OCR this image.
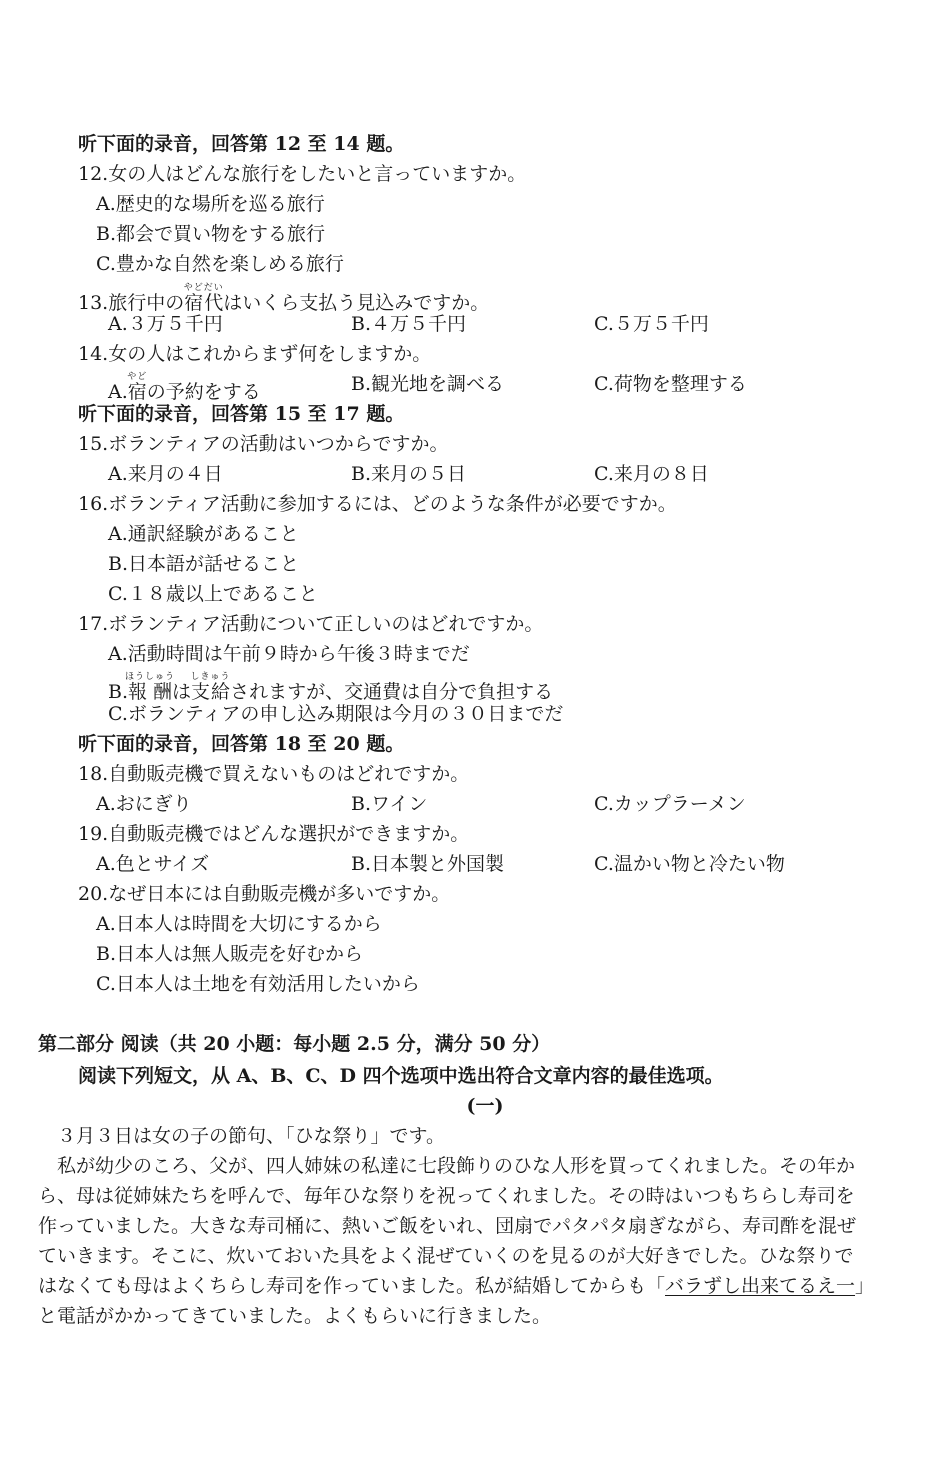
听下面的录音，回答第 12 至 14 题。
12.女の人はどんな旅行をしたいと言っていますか。
A.歴史的な場所を巡る旅行
B.都会で買い物をする旅行
C.豊かな自然を楽しめる旅行
13.旅行中の宿代やどだいはいくら支払う見込みですか。
A.３万５千円	B.４万５千円	C.５万５千円
14.女の人はこれからまず何をしますか。
A.宿やどの予約をする	B.観光地を調べる	C.荷物を整理する
听下面的录音，回答第 15 至 17 题。
15.ボランティアの活動はいつからですか。
A.来月の４日	B.来月の５日	C.来月の８日
16.ボランティア活動に参加するには、どのような条件が必要ですか。
A.通訳経験があること
B.日本語が話せること
C.１８歳以上であること
17.ボランティア活動について正しいのはどれですか。
A.活動時間は午前９時から午後３時までだ
B.報酬ほうしゅうは支給しきゅうされますが、交通費は自分で負担する
C.ボランティアの申し込み期限は今月の３０日までだ
听下面的录音，回答第 18 至 20 题。
18.自動販売機で買えないものはどれですか。
A.おにぎり	B.ワイン	C.カップラーメン
19.自動販売機ではどんな選択ができますか。
A.色とサイズ	B.日本製と外国製	C.温かい物と冷たい物
20.なぜ日本には自動販売機が多いですか。
A.日本人は時間を大切にするから
B.日本人は無人販売を好むから
C.日本人は土地を有効活用したいから
第二部分 阅读（共 20 小题：每小题 2.5 分，满分 50 分）
阅读下列短文，从 A、B、C、D 四个选项中选出符合文章内容的最佳选项。
(一)

３月３日は女の子の節句、「ひな祭り」です。

私が幼少のころ、父が、四人姉妹の私達に七段飾りのひな人形を買ってくれました。その年か

ら、母は従姉妹たちを呼んで、毎年ひな祭りを祝ってくれました。その時はいつもちらし寿司を

作っていました。大きな寿司桶に、熱いご飯をいれ、団扇でパタパタ扇ぎながら、寿司酢を混ぜ

ていきます。そこに、炊いておいた具をよく混ぜていくのを見るのが大好きでした。ひな祭りで

はなくても母はよくちらし寿司を作っていました。私が結婚してからも「バラずし出来てるえ一」

と電話がかかってきていました。よくもらいに行きました。
